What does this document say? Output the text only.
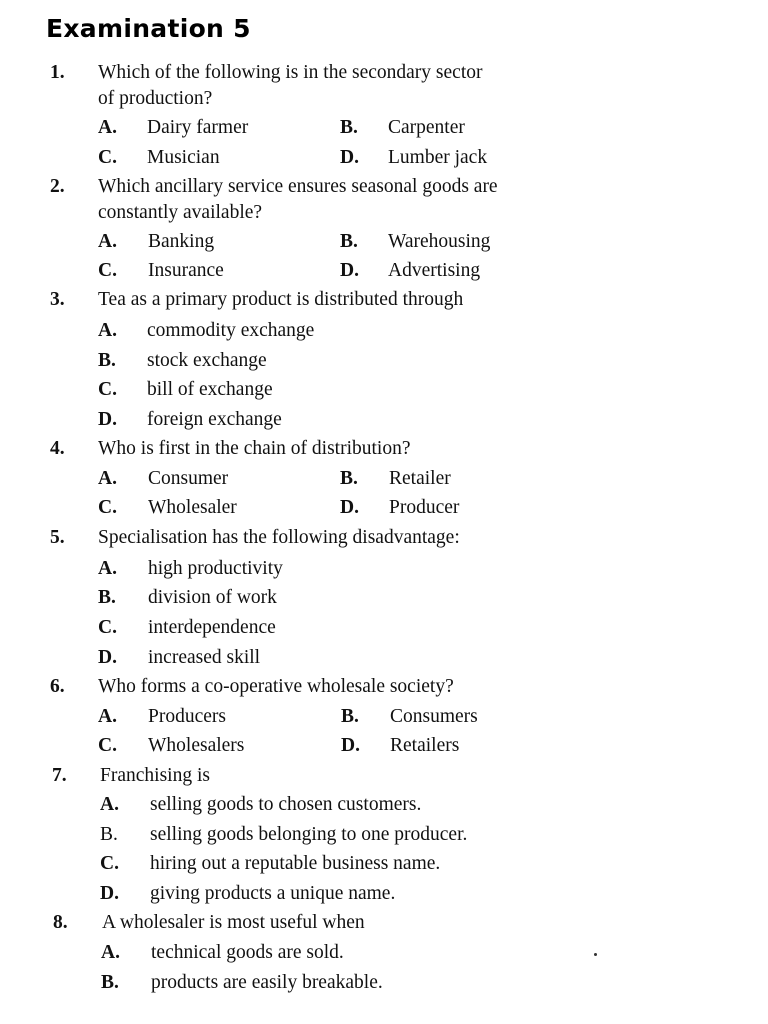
Examination 5
1. Which of the following is in the secondary sector
of production?
A. Dairy farmer	B. Carpenter
C. Musician	D. Lumber jack
2. Which ancillary service ensures seasonal goods are
constantly available?
A. Banking	B. Warehousing
C. Insurance	D. Advertising
3. Tea as a primary product is distributed through
A. commodity exchange
B. stock exchange
C. bill of exchange
D. foreign exchange
4. Who is first in the chain of distribution?
A. Consumer	B. Retailer
C. Wholesaler	D. Producer
5. Specialisation has the following disadvantage:
A. high productivity
B. division of work
C. interdependence
D. increased skill
6. Who forms a co-operative wholesale society?
A. Producers	B. Consumers
C. Wholesalers	D. Retailers
7. Franchising is
A. selling goods to chosen customers.
B. selling goods belonging to one producer.
C. hiring out a reputable business name.
D. giving products a unique name.
8. A wholesaler is most useful when
A. technical goods are sold.
B. products are easily breakable.
